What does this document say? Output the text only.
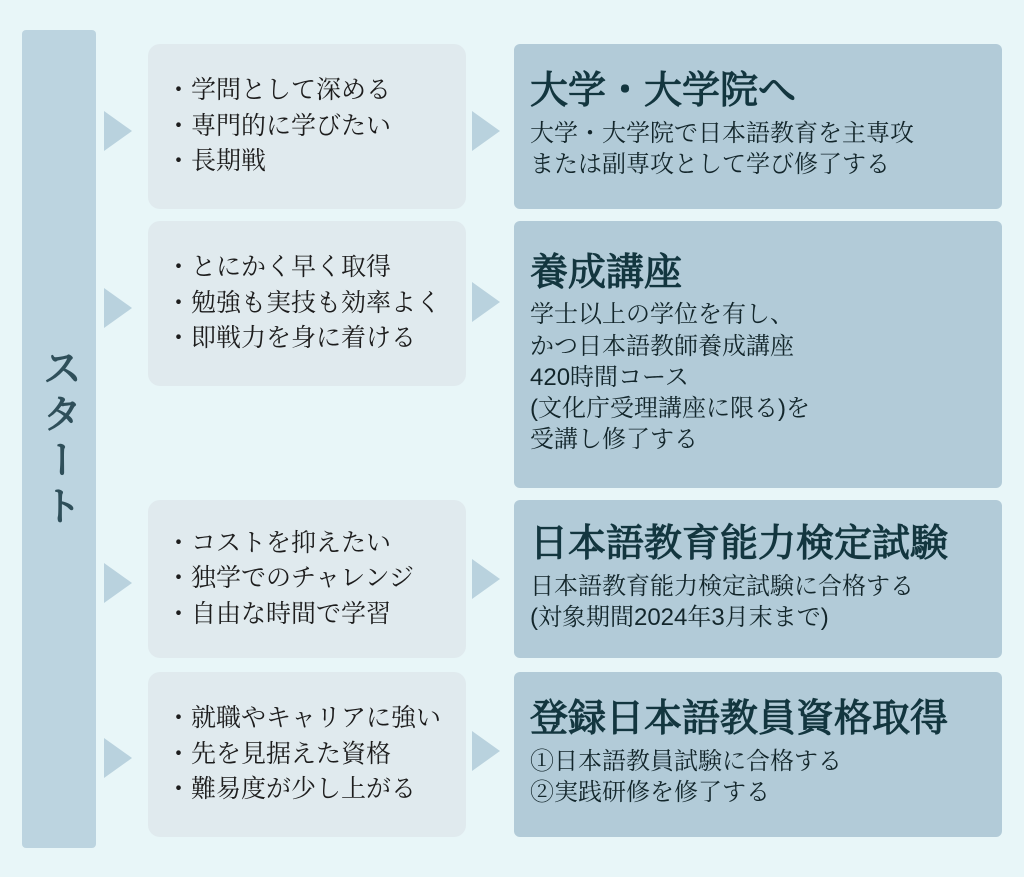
スタート
・学問として深める
・専門的に学びたい
・長期戦
大学・大学院へ
大学・大学院で日本語教育を主専攻
または副専攻として学び修了する
・とにかく早く取得
・勉強も実技も効率よく
・即戦力を身に着ける
養成講座
学士以上の学位を有し、
かつ日本語教師養成講座
420時間コース
(文化庁受理講座に限る)を
受講し修了する
・コストを抑えたい
・独学でのチャレンジ
・自由な時間で学習
日本語教育能力検定試験
日本語教育能力検定試験に合格する
(対象期間2024年3月末まで)
・就職やキャリアに強い
・先を見据えた資格
・難易度が少し上がる
登録日本語教員資格取得
①日本語教員試験に合格する
②実践研修を修了する
